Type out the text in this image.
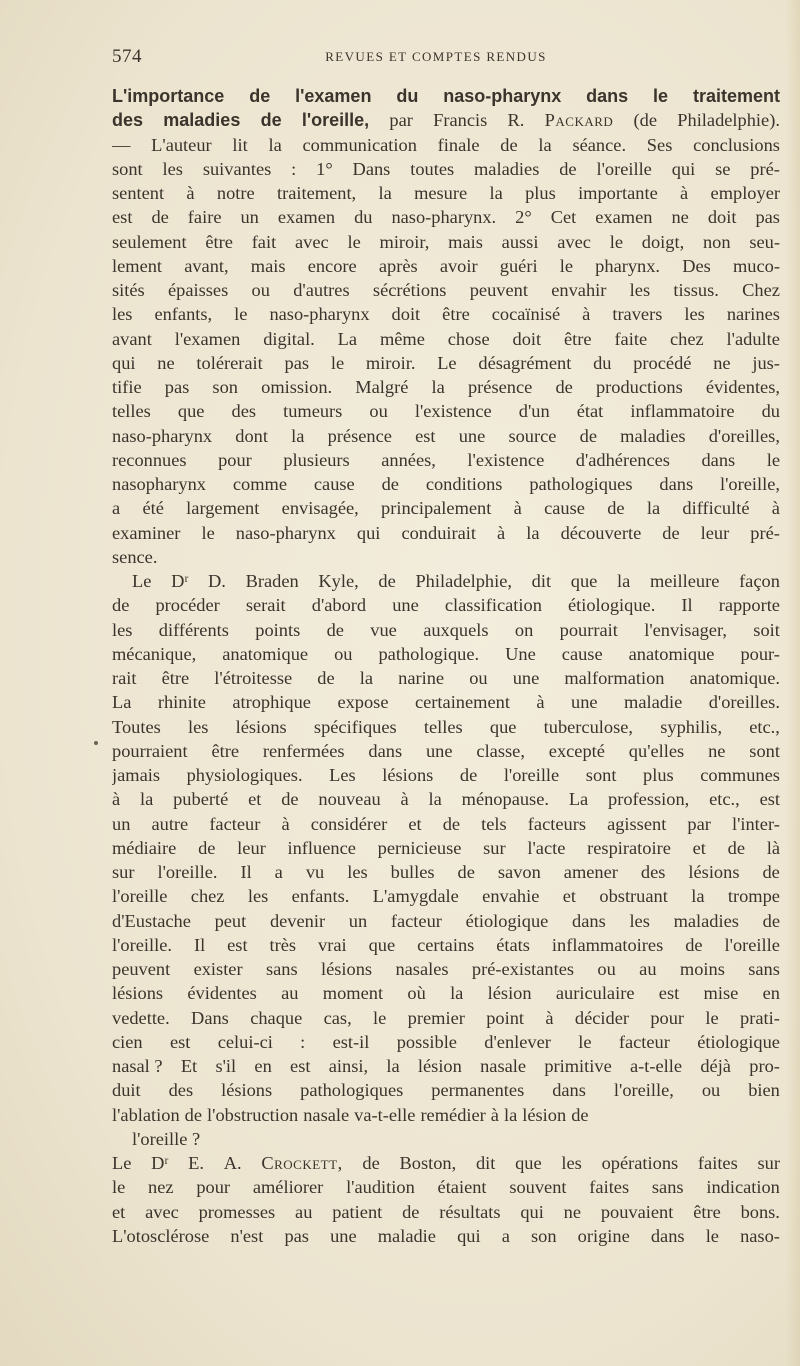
574	REVUES ET COMPTES RENDUS
L'importance de l'examen du naso-pharynx dans le traitement
des maladies de l'oreille, par Francis R. Packard (de Philadelphie).
— L'auteur lit la communication finale de la séance. Ses conclusions
sont les suivantes : 1° Dans toutes maladies de l'oreille qui se pré-
sentent à notre traitement, la mesure la plus importante à employer
est de faire un examen du naso-pharynx. 2° Cet examen ne doit pas
seulement être fait avec le miroir, mais aussi avec le doigt, non seu-
lement avant, mais encore après avoir guéri le pharynx. Des muco-
sités épaisses ou d'autres sécrétions peuvent envahir les tissus. Chez
les enfants, le naso-pharynx doit être cocaïnisé à travers les narines
avant l'examen digital. La même chose doit être faite chez l'adulte
qui ne tolérerait pas le miroir. Le désagrément du procédé ne jus-
tifie pas son omission. Malgré la présence de productions évidentes,
telles que des tumeurs ou l'existence d'un état inflammatoire du
naso-pharynx dont la présence est une source de maladies d'oreilles,
reconnues pour plusieurs années, l'existence d'adhérences dans le
nasopharynx comme cause de conditions pathologiques dans l'oreille,
a été largement envisagée, principalement à cause de la difficulté à
examiner le naso-pharynx qui conduirait à la découverte de leur pré-
sence.
Le Dʳ D. Braden Kyle, de Philadelphie, dit que la meilleure façon
de procéder serait d'abord une classification étiologique. Il rapporte
les différents points de vue auxquels on pourrait l'envisager, soit
mécanique, anatomique ou pathologique. Une cause anatomique pour-
rait être l'étroitesse de la narine ou une malformation anatomique.
La rhinite atrophique expose certainement à une maladie d'oreilles.
Toutes les lésions spécifiques telles que tuberculose, syphilis, etc.,
pourraient être renfermées dans une classe, excepté qu'elles ne sont
jamais physiologiques. Les lésions de l'oreille sont plus communes
à la puberté et de nouveau à la ménopause. La profession, etc., est
un autre facteur à considérer et de tels facteurs agissent par l'inter-
médiaire de leur influence pernicieuse sur l'acte respiratoire et de là
sur l'oreille. Il a vu les bulles de savon amener des lésions de
l'oreille chez les enfants. L'amygdale envahie et obstruant la trompe
d'Eustache peut devenir un facteur étiologique dans les maladies de
l'oreille. Il est très vrai que certains états inflammatoires de l'oreille
peuvent exister sans lésions nasales pré-existantes ou au moins sans
lésions évidentes au moment où la lésion auriculaire est mise en
vedette. Dans chaque cas, le premier point à décider pour le prati-
cien est celui-ci : est-il possible d'enlever le facteur étiologique
nasal ? Et s'il en est ainsi, la lésion nasale primitive a-t-elle déjà pro-
duit des lésions pathologiques permanentes dans l'oreille, ou bien
l'ablation de l'obstruction nasale va-t-elle remédier à la lésion de
l'oreille ?
Le Dʳ E. A. Crockett, de Boston, dit que les opérations faites sur
le nez pour améliorer l'audition étaient souvent faites sans indication
et avec promesses au patient de résultats qui ne pouvaient être bons.
L'otosclérose n'est pas une maladie qui a son origine dans le naso-
